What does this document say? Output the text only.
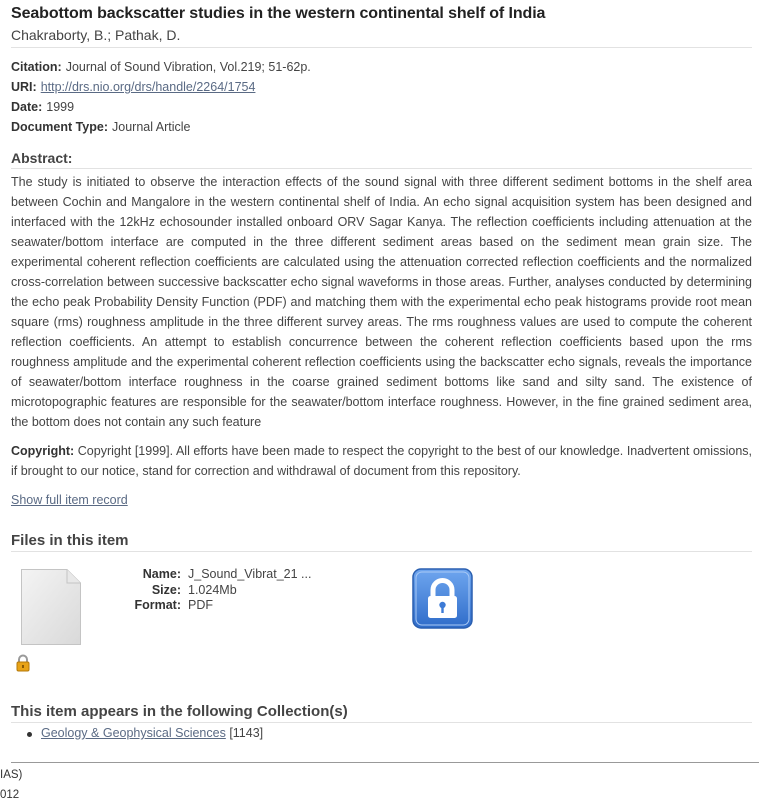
Seabottom backscatter studies in the western continental shelf of India
Chakraborty, B.; Pathak, D.
Citation: Journal of Sound Vibration, Vol.219; 51-62p.
URI: http://drs.nio.org/drs/handle/2264/1754
Date: 1999
Document Type: Journal Article
Abstract:
The study is initiated to observe the interaction effects of the sound signal with three different sediment bottoms in the shelf area between Cochin and Mangalore in the western continental shelf of India. An echo signal acquisition system has been designed and interfaced with the 12kHz echosounder installed onboard ORV Sagar Kanya. The reflection coefficients including attenuation at the seawater/bottom interface are computed in the three different sediment areas based on the sediment mean grain size. The experimental coherent reflection coefficients are calculated using the attenuation corrected reflection coefficients and the normalized cross-correlation between successive backscatter echo signal waveforms in those areas. Further, analyses conducted by determining the echo peak Probability Density Function (PDF) and matching them with the experimental echo peak histograms provide root mean square (rms) roughness amplitude in the three different survey areas. The rms roughness values are used to compute the coherent reflection coefficients. An attempt to establish concurrence between the coherent reflection coefficients based upon the rms roughness amplitude and the experimental coherent reflection coefficients using the backscatter echo signals, reveals the importance of seawater/bottom interface roughness in the coarse grained sediment bottoms like sand and silty sand. The existence of microtopographic features are responsible for the seawater/bottom interface roughness. However, in the fine grained sediment area, the bottom does not contain any such feature
Copyright: Copyright [1999]. All efforts have been made to respect the copyright to the best of our knowledge. Inadvertent omissions, if brought to our notice, stand for correction and withdrawal of document from this repository.
Show full item record
Files in this item
Name: J_Sound_Vibrat_21 ...
Size: 1.024Mb
Format: PDF
This item appears in the following Collection(s)
Geology & Geophysical Sciences [1143]
IAS)
012
